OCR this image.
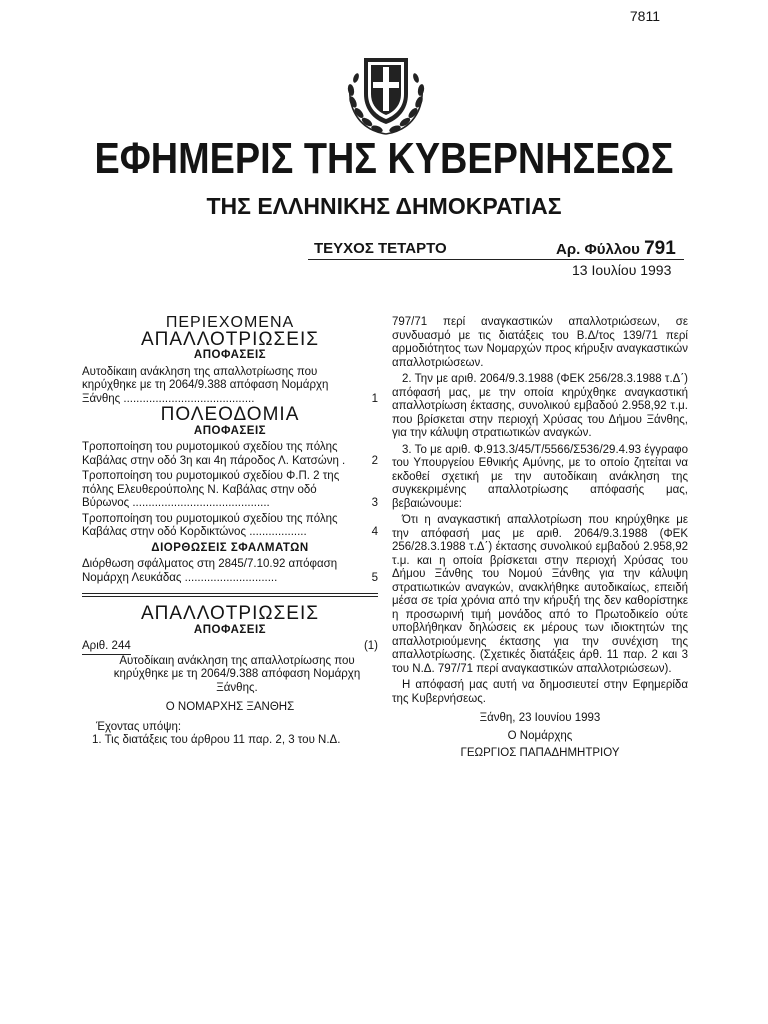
7811
ΕΦΗΜΕΡΙΣ ΤΗΣ ΚΥΒΕΡΝΗΣΕΩΣ
ΤΗΣ ΕΛΛΗΝΙΚΗΣ ΔΗΜΟΚΡΑΤΙΑΣ
ΤΕΥΧΟΣ ΤΕΤΑΡΤΟ	Αρ. Φύλλου 791
13 Ιουλίου 1993
ΠΕΡΙΕΧΟΜΕΝΑ
ΑΠΑΛΛΟΤΡΙΩΣΕΙΣ
ΑΠΟΦΑΣΕΙΣ
Αυτοδίκαιη ανάκληση της απαλλοτρίωσης που κηρύχθηκε με τη 2064/9.388 απόφαση Νομάρχη Ξάνθης .........................................	1
ΠΟΛΕΟΔΟΜΙΑ
ΑΠΟΦΑΣΕΙΣ
Τροποποίηση του ρυμοτομικού σχεδίου της πόλης Καβάλας στην οδό 3η και 4η πάροδος Λ. Κατσώνη .	2
Τροποποίηση του ρυμοτομικού σχεδίου Φ.Π. 2 της πόλης Ελευθερούπολης Ν. Καβάλας στην οδό Βύρωνος ...........................................	3
Τροποποίηση του ρυμοτομικού σχεδίου της πόλης Καβάλας στην οδό Κορδικτώνος ..................	4
ΔΙΟΡΘΩΣΕΙΣ ΣΦΑΛΜΑΤΩΝ
Διόρθωση σφάλματος στη 2845/7.10.92 απόφαση Νομάρχη Λευκάδας .............................	5
ΑΠΑΛΛΟΤΡΙΩΣΕΙΣ
ΑΠΟΦΑΣΕΙΣ
Αριθ. 244	(1)
Αυτοδίκαιη ανάκληση της απαλλοτρίωσης που κηρύχθηκε με τη 2064/9.388 απόφαση Νομάρχη Ξάνθης.
Ο ΝΟΜΑΡΧΗΣ ΞΑΝΘΗΣ
Έχοντας υπόψη:
1. Τις διατάξεις του άρθρου 11 παρ. 2, 3 του Ν.Δ.

797/71 περί αναγκαστικών απαλλοτριώσεων, σε συνδυασμό με τις διατάξεις του Β.Δ/τος 139/71 περί αρμοδιότητος των Νομαρχών προς κήρυξιν αναγκαστικών απαλλοτριώσεων.

2. Την με αριθ. 2064/9.3.1988 (ΦΕΚ 256/28.3.1988 τ.Δ΄) απόφασή μας, με την οποία κηρύχθηκε αναγκαστική απαλλοτρίωση έκτασης, συνολικού εμβαδού 2.958,92 τ.μ. που βρίσκεται στην περιοχή Χρύσας του Δήμου Ξάνθης, για την κάλυψη στρατιωτικών αναγκών.

3. Το με αριθ. Φ.913.3/45/Τ/5566/Σ536/29.4.93 έγγραφο του Υπουργείου Εθνικής Αμύνης, με το οποίο ζητείται να εκδοθεί σχετική με την αυτοδίκαιη ανάκληση της συγκεκριμένης απαλλοτρίωσης απόφασής μας, βεβαιώνουμε:

Ότι η αναγκαστική απαλλοτρίωση που κηρύχθηκε με την απόφασή μας με αριθ. 2064/9.3.1988 (ΦΕΚ 256/28.3.1988 τ.Δ΄) έκτασης συνολικού εμβαδού 2.958,92 τ.μ. και η οποία βρίσκεται στην περιοχή Χρύσας του Δήμου Ξάνθης του Νομού Ξάνθης για την κάλυψη στρατιωτικών αναγκών, ανακλήθηκε αυτοδικαίως, επειδή μέσα σε τρία χρόνια από την κήρυξή της δεν καθορίστηκε η προσωρινή τιμή μονάδος από το Πρωτοδικείο ούτε υποβλήθηκαν δηλώσεις εκ μέρους των ιδιοκτητών της απαλλοτριούμενης έκτασης για την συνέχιση της απαλλοτρίωσης. (Σχετικές διατάξεις άρθ. 11 παρ. 2 και 3 του Ν.Δ. 797/71 περί αναγκαστικών απαλλοτριώσεων).

Η απόφασή μας αυτή να δημοσιευτεί στην Εφημερίδα της Κυβερνήσεως.

Ξάνθη, 23 Ιουνίου 1993
Ο Νομάρχης
ΓΕΩΡΓΙΟΣ ΠΑΠΑΔΗΜΗΤΡΙΟΥ
